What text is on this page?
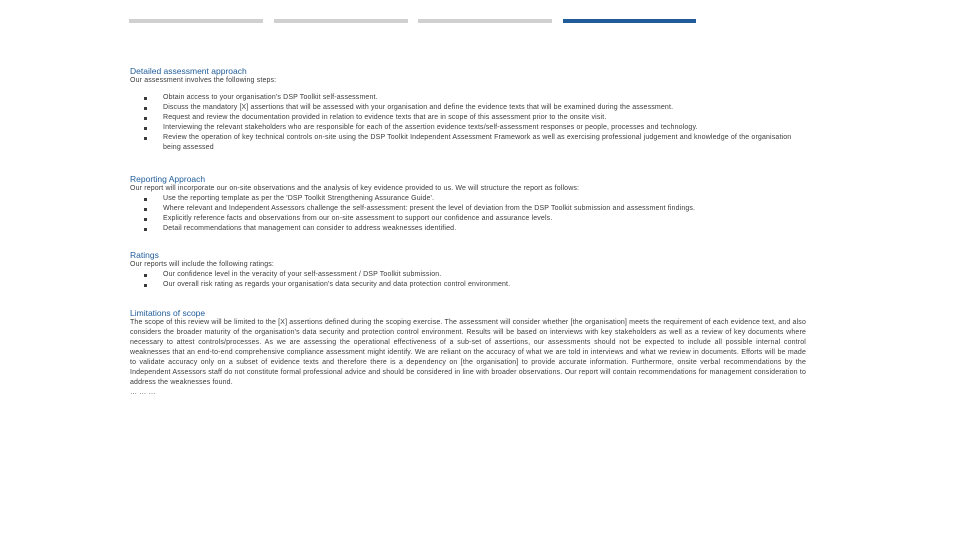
Detailed assessment approach

Our assessment involves the following steps:

Obtain access to your organisation's DSP Toolkit self-assessment.
Discuss the mandatory [X] assertions that will be assessed with your organisation and define the evidence texts that will be examined during the assessment.
Request and review the documentation provided in relation to evidence texts that are in scope of this assessment prior to the onsite visit.
Interviewing the relevant stakeholders who are responsible for each of the assertion evidence texts/self-assessment responses or people, processes and technology.
Review the operation of key technical controls on-site using the DSP Toolkit Independent Assessment Framework as well as exercising professional judgement and knowledge of the organisation being assessed

Reporting Approach

Our report will incorporate our on-site observations and the analysis of key evidence provided to us. We will structure the report as follows:

Use the reporting template as per the 'DSP Toolkit Strengthening Assurance Guide'.
Where relevant and Independent Assessors challenge the self-assessment: present the level of deviation from the DSP Toolkit submission and assessment findings.
Explicitly reference facts and observations from our on-site assessment to support our confidence and assurance levels.
Detail recommendations that management can consider to address weaknesses identified.

Ratings

Our reports will include the following ratings:

Our confidence level in the veracity of your self-assessment / DSP Toolkit submission.
Our overall risk rating as regards your organisation's data security and data protection control environment.

Limitations of scope

The scope of this review will be limited to the [X] assertions defined during the scoping exercise. The assessment will consider whether [the organisation] meets the requirement of each evidence text, and also considers the broader maturity of the organisation's data security and protection control environment. Results will be based on interviews with key stakeholders as well as a review of key documents where necessary to attest controls/processes. As we are assessing the operational effectiveness of a sub-set of assertions, our assessments should not be expected to include all possible internal control weaknesses that an end-to-end comprehensive compliance assessment might identify. We are reliant on the accuracy of what we are told in interviews and what we review in documents. Efforts will be made to validate accuracy only on a subset of evidence texts and therefore there is a dependency on [the organisation] to provide accurate information. Furthermore, onsite verbal recommendations by the Independent Assessors staff do not constitute formal professional advice and should be considered in line with broader observations. Our report will contain recommendations for management consideration to address the weaknesses found.

… … …
